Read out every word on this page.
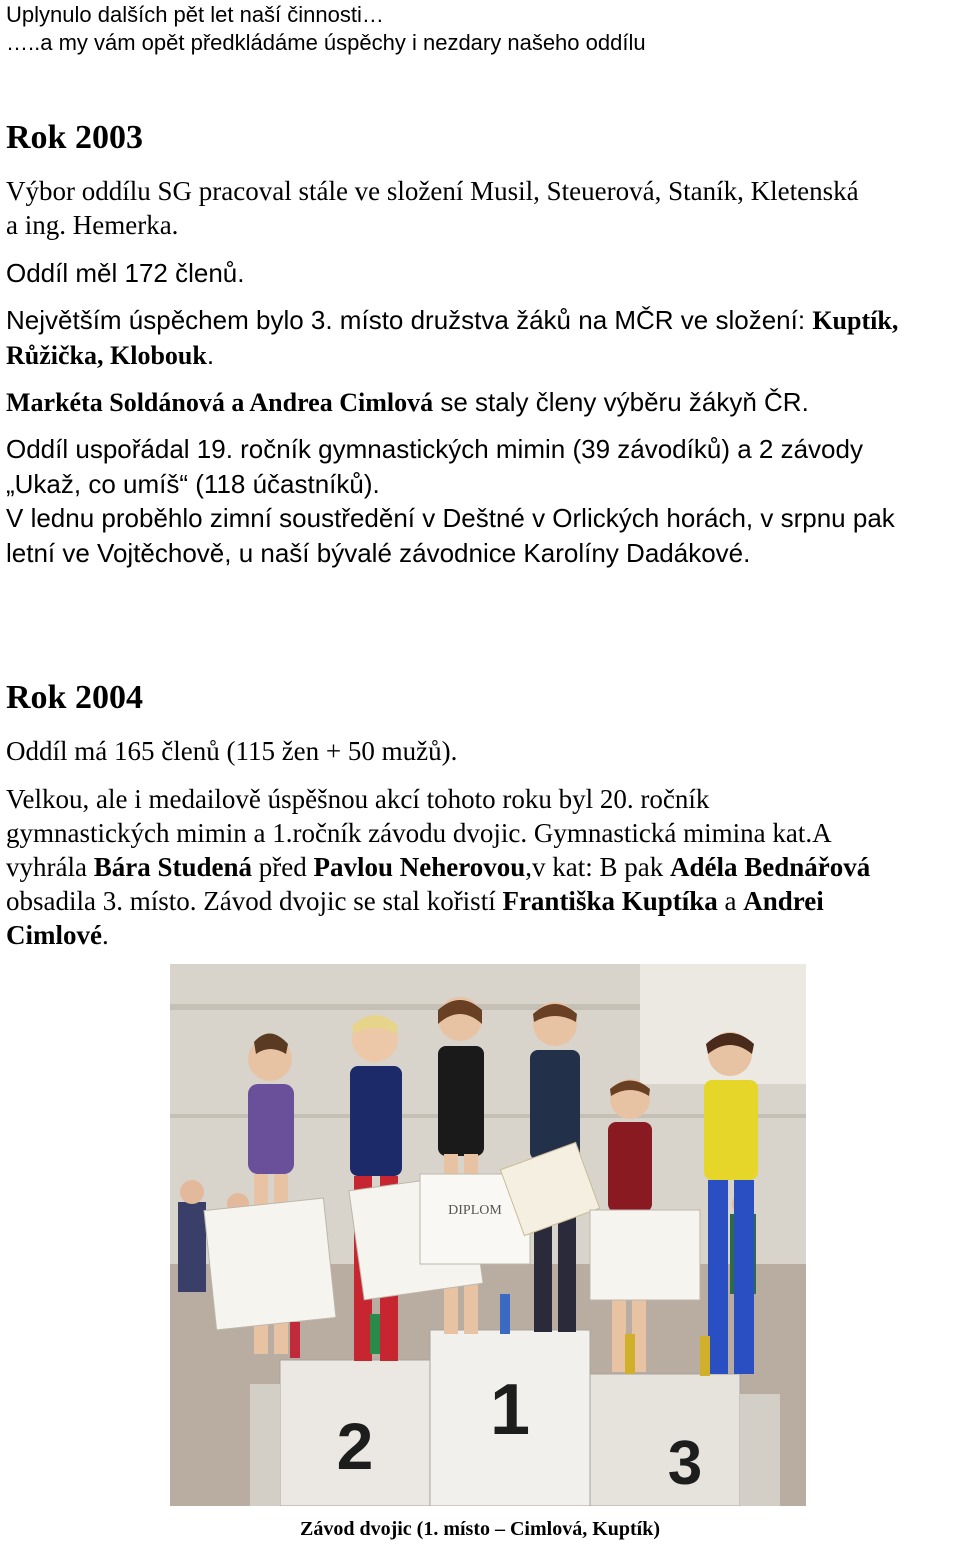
Uplynulo dalších pět let naší činnosti…

…..a my vám opět předkládáme úspěchy i nezdary našeho oddílu

Rok 2003

Výbor oddílu SG pracoval stále ve složení Musil, Steuerová, Staník, Kletenská

a ing. Hemerka.

Oddíl měl 172 členů.

Největším úspěchem bylo 3. místo družstva žáků na MČR ve složení: Kuptík,

Růžička, Klobouk.

Markéta Soldánová a Andrea Cimlová se staly členy výběru žákyň ČR.

Oddíl uspořádal 19. ročník gymnastických mimin (39 závodíků) a 2 závody

„Ukaž, co umíš“ (118 účastníků).

V lednu proběhlo zimní soustředění v Deštné v Orlických horách, v srpnu pak

letní ve Vojtěchově, u naší bývalé závodnice Karolíny Dadákové.

Rok 2004

Oddíl má 165 členů (115 žen + 50 mužů).

Velkou, ale i medailově úspěšnou akcí tohoto roku byl 20. ročník

gymnastických mimin a 1.ročník závodu dvojic. Gymnastická mimina kat.A

vyhrála Bára Studená před Pavlou Neherovou,v kat: B pak Adéla Bednářová

obsadila 3. místo. Závod dvojic se stal kořistí Františka Kuptíka a Andrei

Cimlové.

2 1
3
DIPLOM

Závod dvojic (1. místo – Cimlová, Kuptík)
